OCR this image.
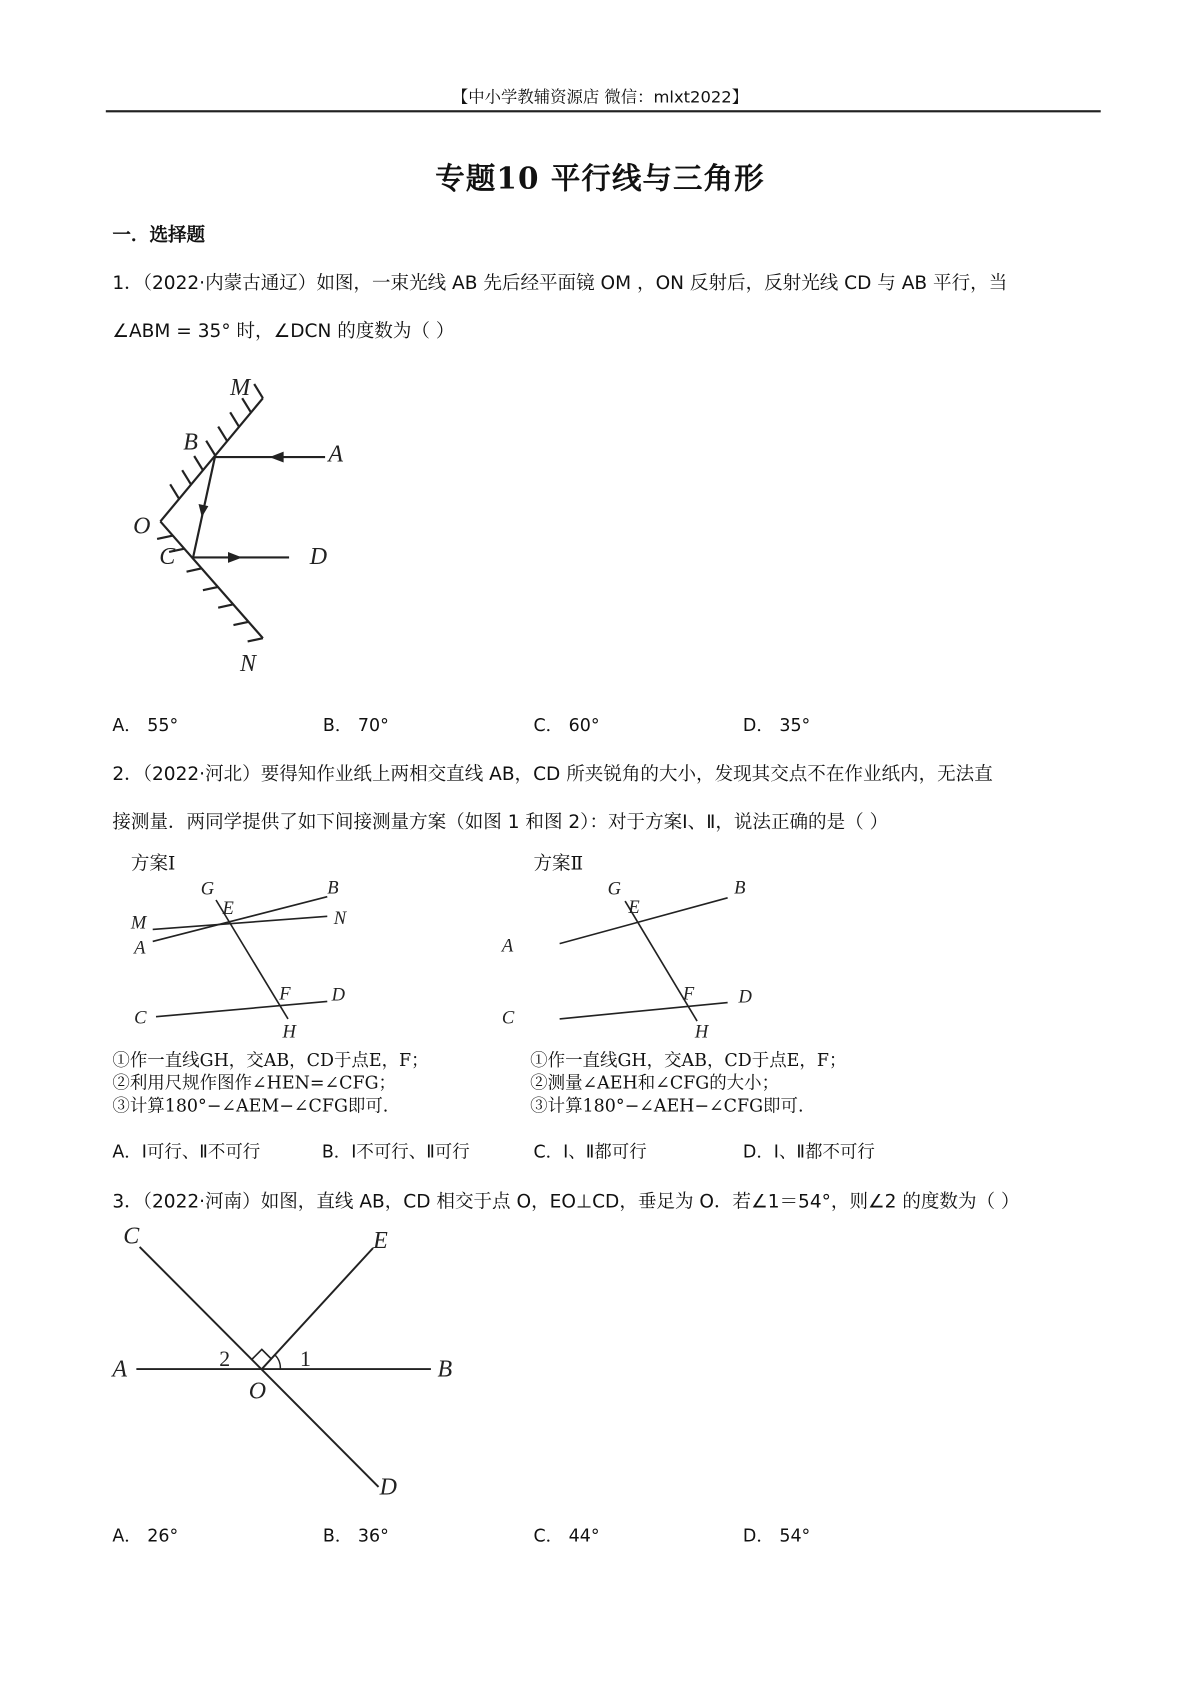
【中小学教辅资源店 微信：mlxt2022】
专题10 平行线与三角形
一．选择题
1．（2022·内蒙古通辽）如图，一束光线 AB 先后经平面镜 OM ，ON 反射后，反射光线 CD 与 AB 平行，当
∠ABM = 35° 时，∠DCN 的度数为（ ）
M
B	A
O
C	D
N
A． 55°	B． 70°	C． 60°	D． 35°
2．（2022·河北）要得知作业纸上两相交直线 AB，CD 所夹锐角的大小，发现其交点不在作业纸内，无法直
接测量．两同学提供了如下间接测量方案（如图 1 和图 2）：对于方案Ⅰ、Ⅱ，说法正确的是（ ）
方案Ⅰ	方案Ⅱ
G	B
E
M	N
A
F D
C
H
G	B
E
A
F	D
C
H
①作一直线GH，交AB，CD于点E，F；
②利用尺规作图作∠HEN=∠CFG；
③计算180°−∠AEM−∠CFG即可.
①作一直线GH，交AB，CD于点E，F；
②测量∠AEH和∠CFG的大小；
③计算180°−∠AEH−∠CFG即可.
A．Ⅰ可行、Ⅱ不可行	B．Ⅰ不可行、Ⅱ可行	C．Ⅰ、Ⅱ都可行	D．Ⅰ、Ⅱ都不可行
3．（2022·河南）如图，直线 AB，CD 相交于点 O，EO⊥CD，垂足为 O．若∠1＝54°，则∠2 的度数为（ ）
C	E
A	B
O
D
1
2
A． 26°	B． 36°	C． 44°	D． 54°
